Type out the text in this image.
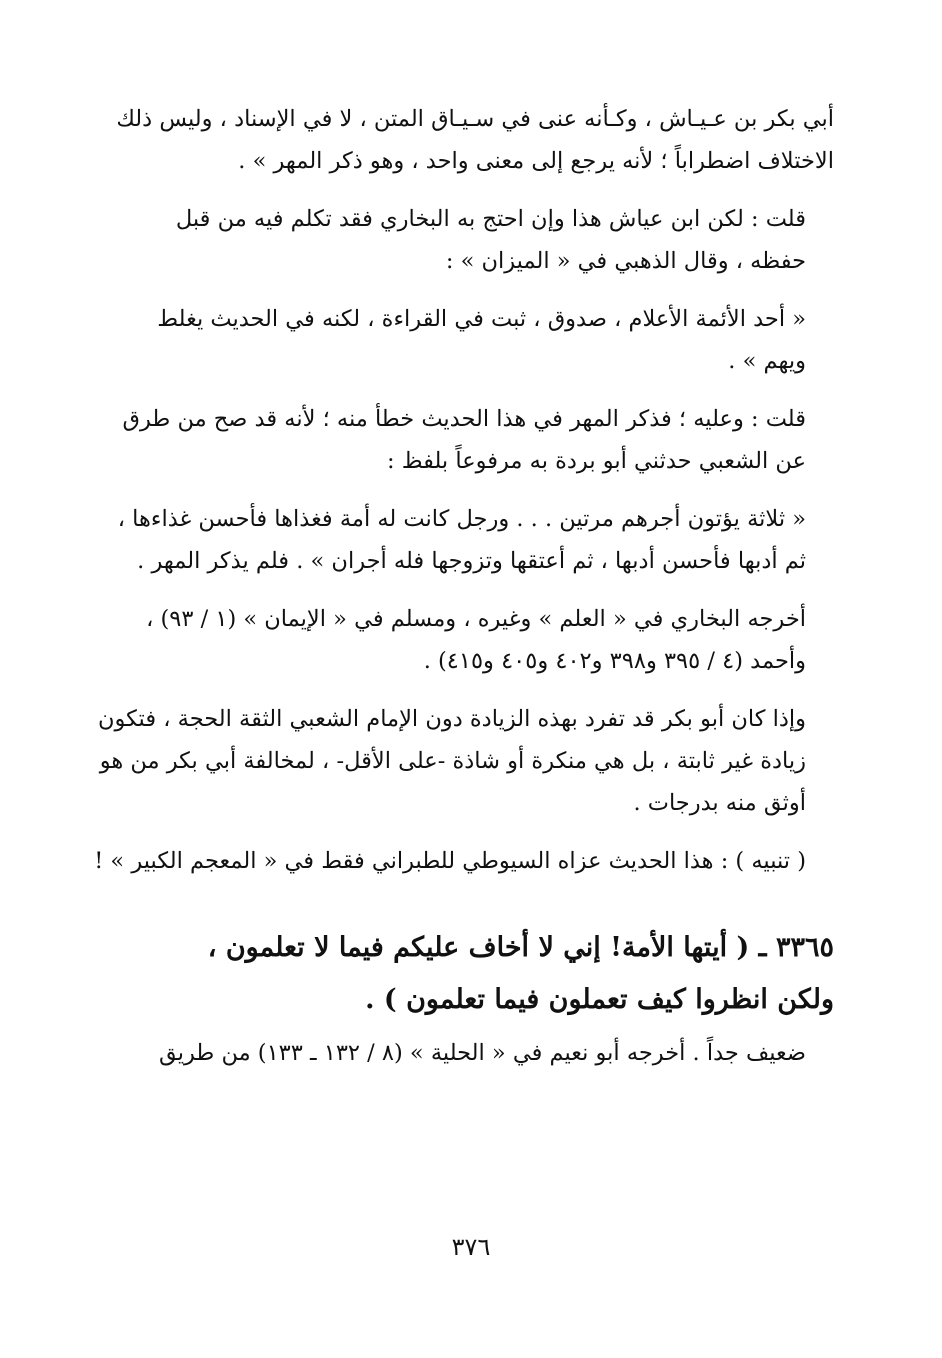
أبي بكر بن عـيـاش ، وكـأنه عنى في سـيـاق المتن ، لا في الإسناد ، وليس ذلك
الاختلاف اضطراباً ؛ لأنه يرجع إلى معنى واحد ، وهو ذكر المهر » .

قلت : لكن ابن عياش هذا وإن احتج به البخاري فقد تكلم فيه من قبل
حفظه ، وقال الذهبي في « الميزان » :

« أحد الأئمة الأعلام ، صدوق ، ثبت في القراءة ، لكنه في الحديث يغلط
ويهم » .

قلت : وعليه ؛ فذكر المهر في هذا الحديث خطأ منه ؛ لأنه قد صح من طرق
عن الشعبي حدثني أبو بردة به مرفوعاً بلفظ :

« ثلاثة يؤتون أجرهم مرتين . . . ورجل كانت له أمة فغذاها فأحسن غذاءها ،
ثم أدبها فأحسن أدبها ، ثم أعتقها وتزوجها فله أجران » . فلم يذكر المهر .

أخرجه البخاري في « العلم » وغيره ، ومسلم في « الإيمان » (١ / ٩٣) ،
وأحمد (٤ / ٣٩٥ و٣٩٨ و٤٠٢ و٤٠٥ و٤١٥) .

وإذا كان أبو بكر قد تفرد بهذه الزيادة دون الإمام الشعبي الثقة الحجة ، فتكون
زيادة غير ثابتة ، بل هي منكرة أو شاذة -على الأقل- ، لمخالفة أبي بكر من هو
أوثق منه بدرجات .

( تنبيه ) : هذا الحديث عزاه السيوطي للطبراني فقط في « المعجم الكبير » !

٣٣٦٥ ـ ( أيتها الأمة! إني لا أخاف عليكم فيما لا تعلمون ،
ولكن انظروا كيف تعملون فيما تعلمون ) .

ضعيف جداً . أخرجه أبو نعيم في « الحلية » (٨ / ١٣٢ ـ ١٣٣) من طريق

٣٧٦
